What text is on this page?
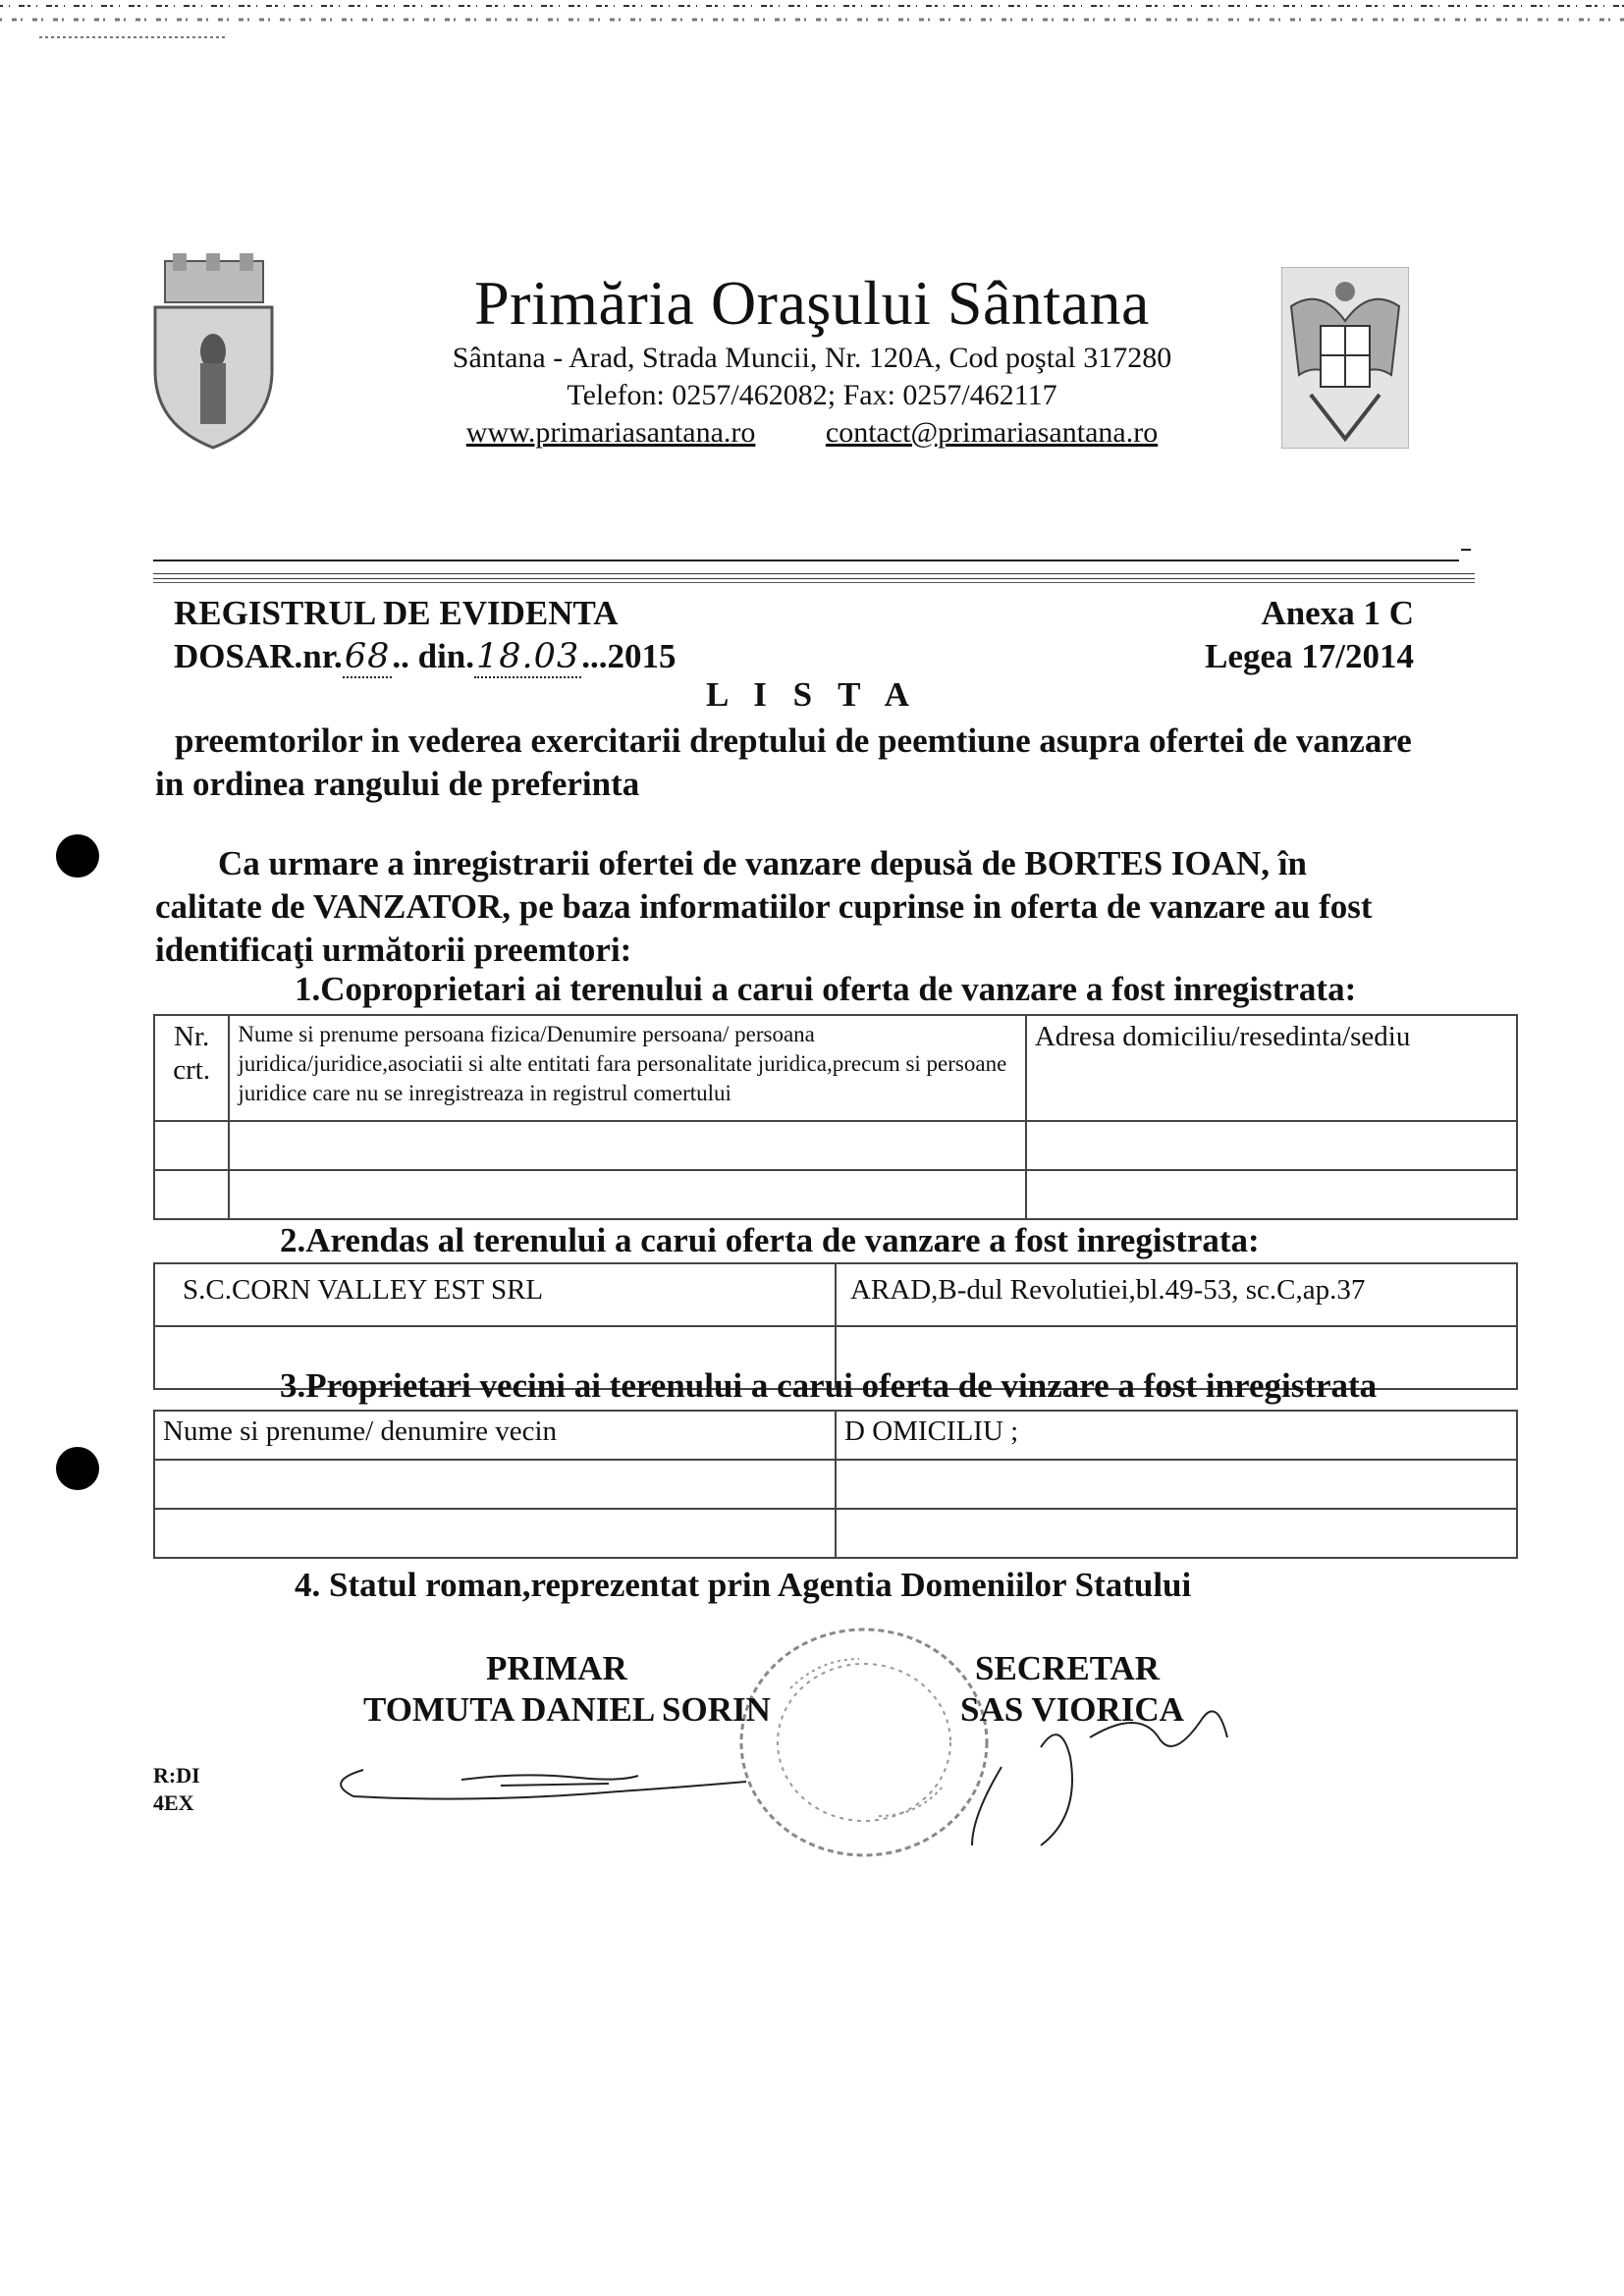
Primăria Oraşului Sântana
Sântana - Arad, Strada Muncii, Nr. 120A, Cod poştal 317280
Telefon: 0257/462082; Fax: 0257/462117
www.primariasantana.ro contact@primariasantana.ro
REGISTRUL DE EVIDENTA
DOSAR.nr.68.. din.18.03...2015
Anexa 1 C
Legea 17/2014
L I S T A
preemtorilor in vederea exercitarii dreptului de peemtiune asupra ofertei de vanzare in ordinea rangului de preferinta
Ca urmare a inregistrarii ofertei de vanzare depusă de BORTES IOAN, în calitate de VANZATOR, pe baza informatiilor cuprinse in oferta de vanzare au fost identificaţi următorii preemtori:
1.Coproprietari ai terenului a carui oferta de vanzare a fost inregistrata:
Nr. crt.	Nume si prenume persoana fizica/Denumire persoana/ persoana juridica/juridice,asociatii si alte entitati fara personalitate juridica,precum si persoane juridice care nu se inregistreaza in registrul comertului	Adresa domiciliu/resedinta/sediu

2.Arendas al terenului a carui oferta de vanzare a fost inregistrata:
S.C.CORN VALLEY EST SRL	ARAD,B-dul Revolutiei,bl.49-53, sc.C,ap.37

3.Proprietari vecini ai terenului a carui oferta de vinzare a fost inregistrata
Nume si prenume/ denumire vecin	D OMICILIU ;

4. Statul roman,reprezentat prin Agentia Domeniilor Statului
PRIMAR
TOMUTA DANIEL SORIN
SECRETAR
SAS VIORICA
R:DI
4EX
